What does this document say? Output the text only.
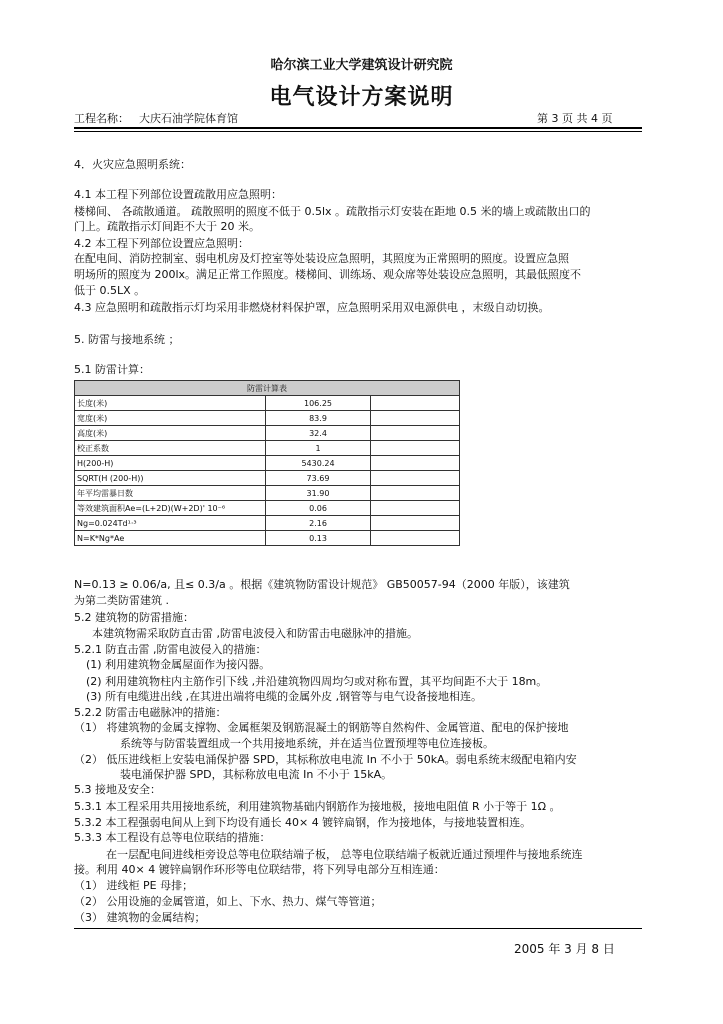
哈尔滨工业大学建筑设计研究院
电气设计方案说明
工程名称： 大庆石油学院体育馆	第 3 页 共 4 页
4．火灾应急照明系统：
4.1 本工程下列部位设置疏散用应急照明：
楼梯间、 各疏散通道。 疏散照明的照度不低于 0.5lx 。疏散指示灯安装在距地 0.5 米的墙上或疏散出口的
门上。疏散指示灯间距不大于 20 米。
4.2 本工程下列部位设置应急照明：
在配电间、消防控制室、弱电机房及灯控室等处装设应急照明，其照度为正常照明的照度。设置应急照
明场所的照度为 200lx。满足正常工作照度。楼梯间、训练场、观众席等处装设应急照明，其最低照度不
低于 0.5LX 。
4.3 应急照明和疏散指示灯均采用非燃烧材料保护罩，应急照明采用双电源供电 ，末级自动切换。
5. 防雷与接地系统 ；
5.1 防雷计算：
防雷计算表		
长度(米)	106.25	
宽度(米)	83.9	
高度(米)	32.4	
校正系数	1	
H(200-H)	5430.24	
SQRT(H (200-H))	73.69	
年平均雷暴日数	31.90	
等效建筑面积Ae=(L+2D)(W+2D)' 10⁻⁶	0.06	
Ng=0.024Td¹·³	2.16	
N=K*Ng*Ae	0.13	
N=0.13 ≥ 0.06/a, 且≤ 0.3/a 。根据《建筑物防雷设计规范》 GB50057-94（2000 年版），该建筑
为第二类防雷建筑 .
5.2 建筑物的防雷措施：
本建筑物需采取防直击雷 ,防雷电波侵入和防雷击电磁脉冲的措施。
5.2.1 防直击雷 ,防雷电波侵入的措施：
(1) 利用建筑物金属屋面作为接闪器。
(2) 利用建筑物柱内主筋作引下线 ,并沿建筑物四周均匀或对称布置，其平均间距不大于 18m。
(3) 所有电缆进出线 ,在其进出端将电缆的金属外皮 ,钢管等与电气设备接地相连。
5.2.2 防雷击电磁脉冲的措施：
（1） 将建筑物的金属支撑物、金属框架及钢筋混凝土的钢筋等自然构件、金属管道、配电的保护接地
系统等与防雷装置组成一个共用接地系统，并在适当位置预埋等电位连接板。
（2） 低压进线柜上安装电涌保护器 SPD，其标称放电电流 In 不小于 50kA。弱电系统末级配电箱内安
装电涌保护器 SPD，其标称放电电流 In 不小于 15kA。
5.3 接地及安全：
5.3.1 本工程采用共用接地系统，利用建筑物基础内钢筋作为接地极，接地电阻值 R 小于等于 1Ω 。
5.3.2 本工程强弱电间从上到下均设有通长 40× 4 镀锌扁钢，作为接地体，与接地装置相连。
5.3.3 本工程设有总等电位联结的措施：
在一层配电间进线柜旁设总等电位联结端子板， 总等电位联结端子板就近通过预埋件与接地系统连
接。利用 40× 4 镀锌扁钢作环形等电位联结带，将下列导电部分互相连通：
（1） 进线柜 PE 母排；
（2） 公用设施的金属管道，如上、下水、热力、煤气等管道；
（3） 建筑物的金属结构；
2005 年 3 月 8 日
